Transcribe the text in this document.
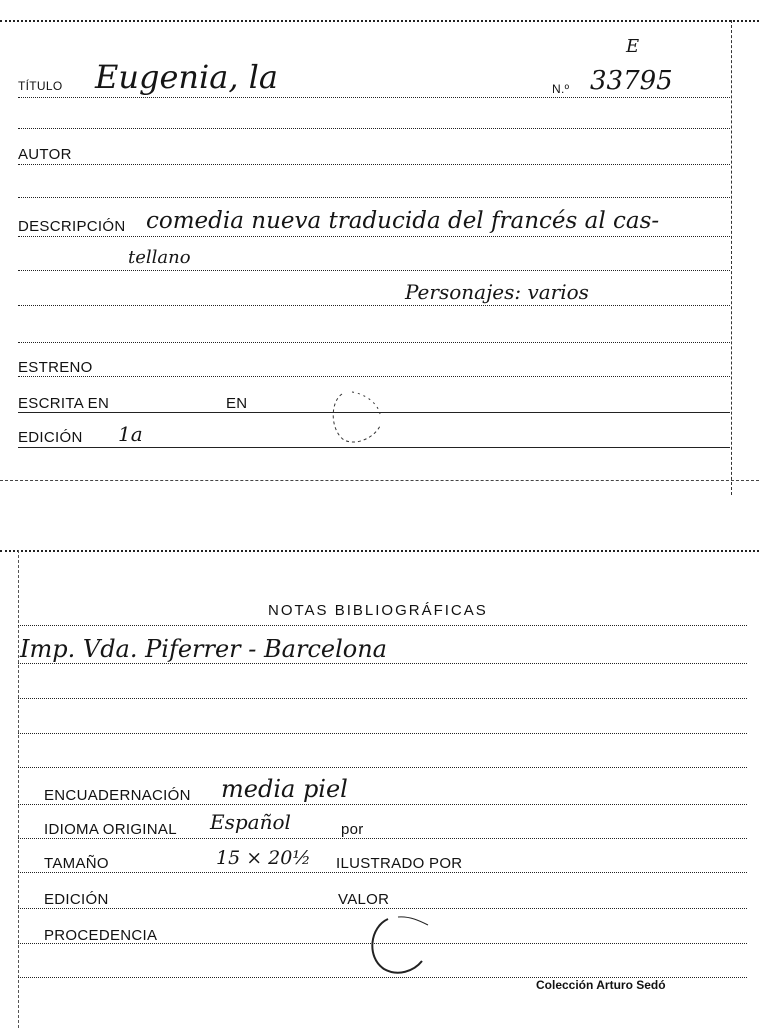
TÍTULO Eugenia, la	N.º 33795
E
AUTOR
DESCRIPCIÓN comedia nueva traducida del francés al cas-
tellano
Personajes: varios
ESTRENO
ESCRITA EN	EN
EDICIÓN 1a
NOTAS BIBLIOGRÁFICAS
Imp. Vda. Piferrer - Barcelona
ENCUADERNACIÓN media piel
IDIOMA ORIGINAL Español	por
TAMAÑO	15 × 20½ ILUSTRADO POR
EDICIÓN	VALOR
PROCEDENCIA
Colección Arturo Sedó
